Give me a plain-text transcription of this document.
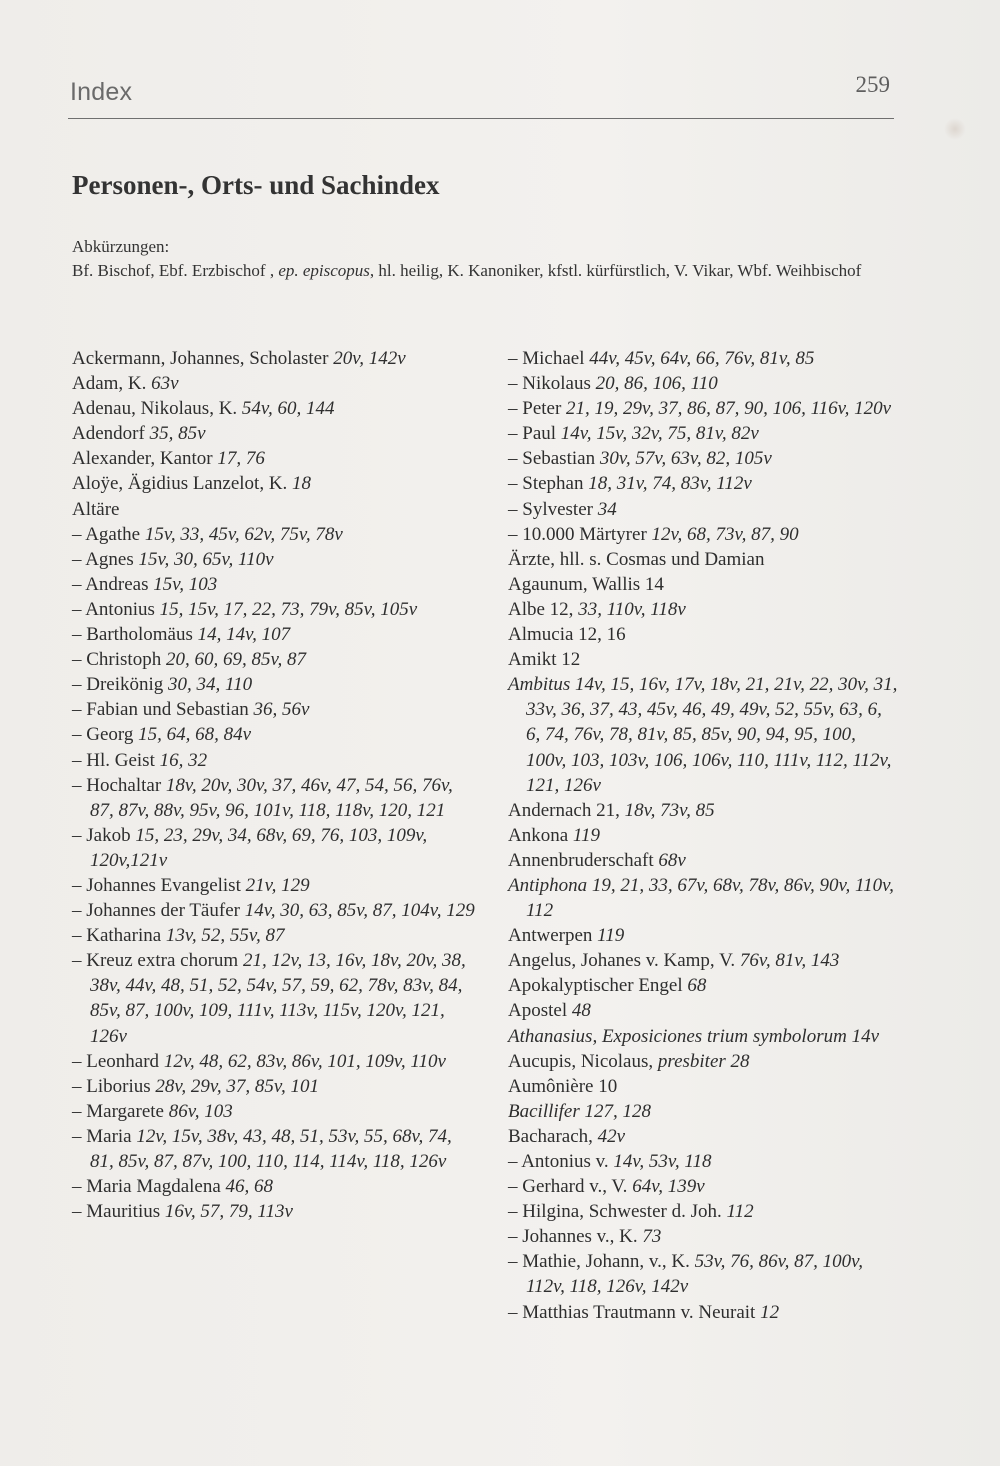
Index	259
Personen-, Orts- und Sachindex
Abkürzungen:
Bf. Bischof, Ebf. Erzbischof , ep. episcopus, hl. heilig, K. Kanoniker, kfstl. kürfürstlich, V. Vikar, Wbf. Weihbischof

Ackermann, Johannes, Scholaster 20v, 142v

Adam, K. 63v

Adenau, Nikolaus, K. 54v, 60, 144

Adendorf 35, 85v

Alexander, Kantor 17, 76

Aloÿe, Ägidius Lanzelot, K. 18

Altäre

– Agathe 15v, 33, 45v, 62v, 75v, 78v

– Agnes 15v, 30, 65v, 110v

– Andreas 15v, 103

– Antonius 15, 15v, 17, 22, 73, 79v, 85v, 105v

– Bartholomäus 14, 14v, 107

– Christoph 20, 60, 69, 85v, 87

– Dreikönig 30, 34, 110

– Fabian und Sebastian 36, 56v

– Georg 15, 64, 68, 84v

– Hl. Geist 16, 32

– Hochaltar 18v, 20v, 30v, 37, 46v, 47, 54, 56, 76v, 87, 87v, 88v, 95v, 96, 101v, 118, 118v, 120, 121

– Jakob 15, 23, 29v, 34, 68v, 69, 76, 103, 109v, 120v,121v

– Johannes Evangelist 21v, 129

– Johannes der Täufer 14v, 30, 63, 85v, 87, 104v, 129

– Katharina 13v, 52, 55v, 87

– Kreuz extra chorum 21, 12v, 13, 16v, 18v, 20v, 38, 38v, 44v, 48, 51, 52, 54v, 57, 59, 62, 78v, 83v, 84, 85v, 87, 100v, 109, 111v, 113v, 115v, 120v, 121, 126v

– Leonhard 12v, 48, 62, 83v, 86v, 101, 109v, 110v

– Liborius 28v, 29v, 37, 85v, 101

– Margarete 86v, 103

– Maria 12v, 15v, 38v, 43, 48, 51, 53v, 55, 68v, 74, 81, 85v, 87, 87v, 100, 110, 114, 114v, 118, 126v

– Maria Magdalena 46, 68

– Mauritius 16v, 57, 79, 113v

– Michael 44v, 45v, 64v, 66, 76v, 81v, 85

– Nikolaus 20, 86, 106, 110

– Peter 21, 19, 29v, 37, 86, 87, 90, 106, 116v, 120v

– Paul 14v, 15v, 32v, 75, 81v, 82v

– Sebastian 30v, 57v, 63v, 82, 105v

– Stephan 18, 31v, 74, 83v, 112v

– Sylvester 34

– 10.000 Märtyrer 12v, 68, 73v, 87, 90

Ärzte, hll. s. Cosmas und Damian

Agaunum, Wallis 14

Albe 12, 33, 110v, 118v

Almucia 12, 16

Amikt 12

Ambitus 14v, 15, 16v, 17v, 18v, 21, 21v, 22, 30v, 31, 33v, 36, 37, 43, 45v, 46, 49, 49v, 52, 55v, 63, 6, 6, 74, 76v, 78, 81v, 85, 85v, 90, 94, 95, 100, 100v, 103, 103v, 106, 106v, 110, 111v, 112, 112v, 121, 126v

Andernach 21, 18v, 73v, 85

Ankona 119

Annenbruderschaft 68v

Antiphona 19, 21, 33, 67v, 68v, 78v, 86v, 90v, 110v, 112

Antwerpen 119

Angelus, Johanes v. Kamp, V. 76v, 81v, 143

Apokalyptischer Engel 68

Apostel 48

Athanasius, Exposiciones trium symbolorum 14v

Aucupis, Nicolaus, presbiter 28

Aumônière 10

Bacillifer 127, 128

Bacharach, 42v

– Antonius v. 14v, 53v, 118

– Gerhard v., V. 64v, 139v

– Hilgina, Schwester d. Joh. 112

– Johannes v., K. 73

– Mathie, Johann, v., K. 53v, 76, 86v, 87, 100v, 112v, 118, 126v, 142v

– Matthias Trautmann v. Neurait 12
